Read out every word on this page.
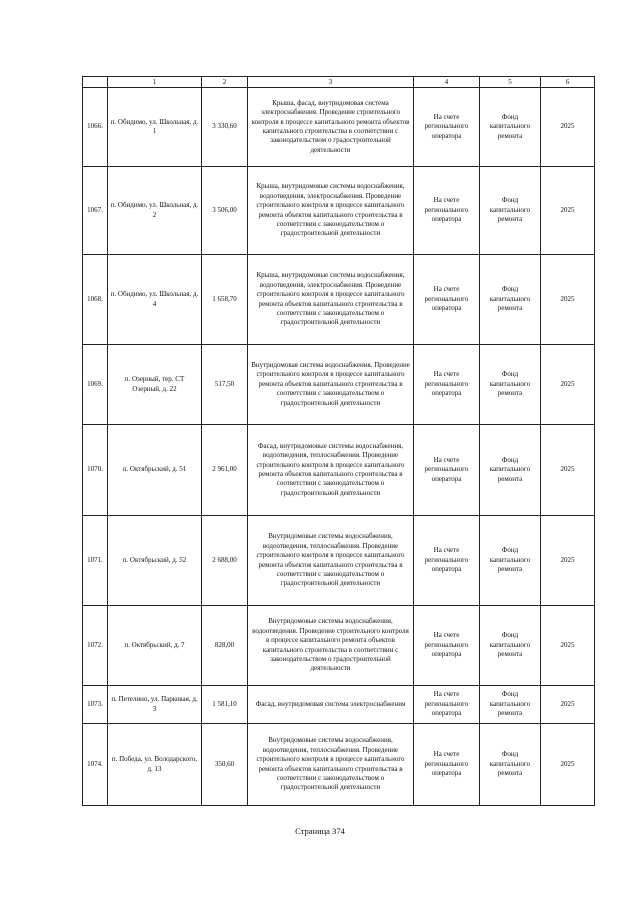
	1	2	3	4	5	6
1066.	п. Обидимо, ул. Школьная, д. 1	3 330,60	Крыша, фасад, внутридомовая система электроснабжения. Проведение строительного контроля в процессе капитального ремонта объектов капитального строительства в соответствии с законодательством о градостроительной деятельности	На счете регионального оператора	Фонд капитального ремонта	2025
1067.	п. Обидимо, ул. Школьная, д. 2	3 506,00	Крыша, внутридомовые системы водоснабжения, водоотведения, электроснабжения. Проведение строительного контроля в процессе капитального ремонта объектов капитального строительства в соответствии с законодательством о градостроительной деятельности	На счете регионального оператора	Фонд капитального ремонта	2025
1068.	п. Обидимо, ул. Школьная, д. 4	1 658,70	Крыша, внутридомовые системы водоснабжения, водоотведения, электроснабжения. Проведение строительного контроля в процессе капитального ремонта объектов капитального строительства в соответствии с законодательством о градостроительной деятельности	На счете регионального оператора	Фонд капитального ремонта	2025
1069.	п. Озерный, тер. СТ Озерный, д. 22	517,50	Внутридомовая система водоснабжения. Проведение строительного контроля в процессе капитального ремонта объектов капитального строительства в соответствии с законодательством о градостроительной деятельности	На счете регионального оператора	Фонд капитального ремонта	2025
1070.	п. Октябрьский, д. 51	2 961,00	Фасад, внутридомовые системы водоснабжения, водоотведения, теплоснабжения. Проведение строительного контроля в процессе капитального ремонта объектов капитального строительства в соответствии с законодательством о градостроительной деятельности	На счете регионального оператора	Фонд капитального ремонта	2025
1071.	п. Октябрьский, д. 52	2 688,00	Внутридомовые системы водоснабжения, водоотведения, теплоснабжения. Проведение строительного контроля в процессе капитального ремонта объектов капитального строительства в соответствии с законодательством о градостроительной деятельности	На счете регионального оператора	Фонд капитального ремонта	2025
1072.	п. Октябрьский, д. 7	828,00	Внутридомовые системы водоснабжения, водоотведения. Проведение строительного контроля в процессе капитального ремонта объектов капитального строительства в соответствии с законодательством о градостроительной деятельности	На счете регионального оператора	Фонд капитального ремонта	2025
1073.	п. Петелино, ул. Парковая, д. 3	1 581,10	Фасад, внутридомовая система электроснабжения	На счете регионального оператора	Фонд капитального ремонта	2025
1074.	п. Победа, ул. Володарского, д. 13	350,60	Внутридомовые системы водоснабжения, водоотведения, теплоснабжения. Проведение строительного контроля в процессе капитального ремонта объектов капитального строительства в соответствии с законодательством о градостроительной деятельности	На счете регионального оператора	Фонд капитального ремонта	2025
Страница 374
